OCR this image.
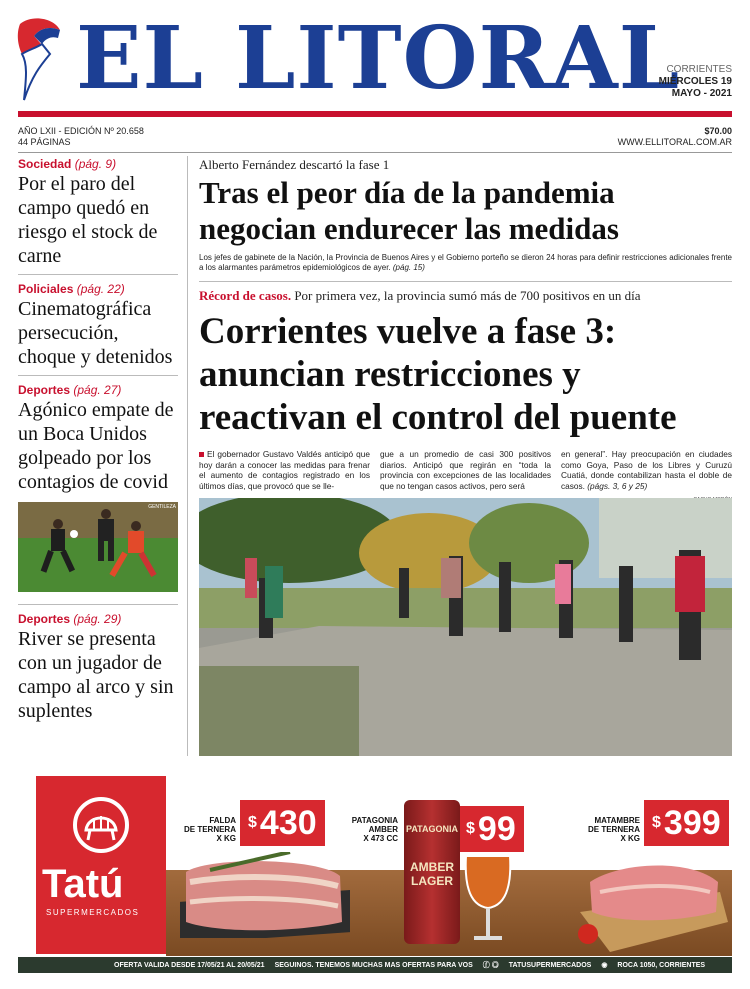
EL LITORAL
CORRIENTES
MIÉRCOLES 19
MAYO - 2021
AÑO LXII - EDICIÓN Nº 20.658
44 PÁGINAS
$70.00
WWW.ELLITORAL.COM.AR
Sociedad (pág. 9)
Por el paro del campo quedó en riesgo el stock de carne
Policiales (pág. 22)
Cinematográfica persecución, choque y detenidos
Deportes (pág. 27)
Agónico empate de un Boca Unidos golpeado por los contagios de covid
GENTILEZA
Deportes (pág. 29)
River se presenta con un jugador de campo al arco y sin suplentes
Alberto Fernández descartó la fase 1
Tras el peor día de la pandemia negocian endurecer las medidas
Los jefes de gabinete de la Nación, la Provincia de Buenos Aires y el Gobierno porteño se dieron 24 horas para definir restricciones adicionales frente a los alarmantes parámetros epidemiológicos de ayer. (pág. 15)
Récord de casos. Por primera vez, la provincia sumó más de 700 positivos en un día
Corrientes vuelve a fase 3: anuncian restricciones y reactivan el control del puente
El gobernador Gustavo Valdés anticipó que hoy darán a conocer las medidas para frenar el aumento de contagios registrado en los últimos días, que provocó que se lle-
gue a un promedio de casi 300 positivos diarios. Anticipó que regirán en “toda la provincia con excepciones de las localidades que no tengan casos activos, pero será
en general”. Hay preocupación en ciudades como Goya, Paso de los Libres y Curuzú Cuatiá, donde contabilizan hasta el doble de casos. (págs. 3, 6 y 25)
Tatú
SUPERMERCADOS
FALDA
DE TERNERA
X KG
$ 430	PATAGONIA
AMBER
X 473 CC
$ 99
PATAGONIA
AMBER
LAGER
MATAMBRE
DE TERNERA
X KG
$ 399
OFERTA VALIDA DESDE 17/05/21 AL 20/05/21 SEGUINOS. TENEMOS MUCHAS MAS OFERTAS PARA VOS ⓕ ◎ TATUSUPERMERCADOS ◉ ROCA 1050, CORRIENTES
